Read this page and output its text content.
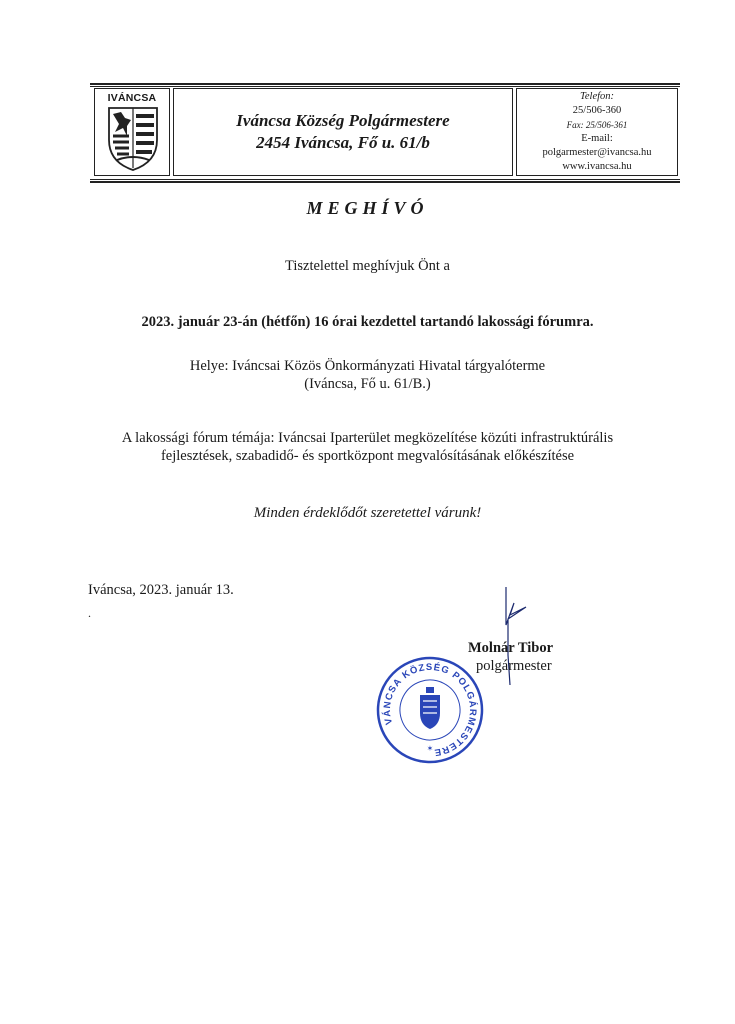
IVÁNCSA
Iváncsa Község Polgármestere
2454 Iváncsa, Fő u. 61/b
Telefon:
25/506-360
Fax: 25/506-361
E-mail:
polgarmester@ivancsa.hu
www.ivancsa.hu
MEGHÍVÓ
Tisztelettel meghívjuk Önt a
2023. január 23-án (hétfőn) 16 órai kezdettel tartandó lakossági fórumra.
Helye: Iváncsai Közös Önkormányzati Hivatal tárgyalóterme
(Iváncsa, Fő u. 61/B.)
A lakossági fórum témája: Iváncsai Iparterület megközelítése közúti infrastruktúrális
fejlesztések, szabadidő- és sportközpont megvalósításának előkészítése
Minden érdeklődőt szeretettel várunk!
Iváncsa, 2023. január 13.
.
IVÁNCSA KÖZSÉG POLGÁRMESTERE
✶
Molnár Tibor
polgármester
